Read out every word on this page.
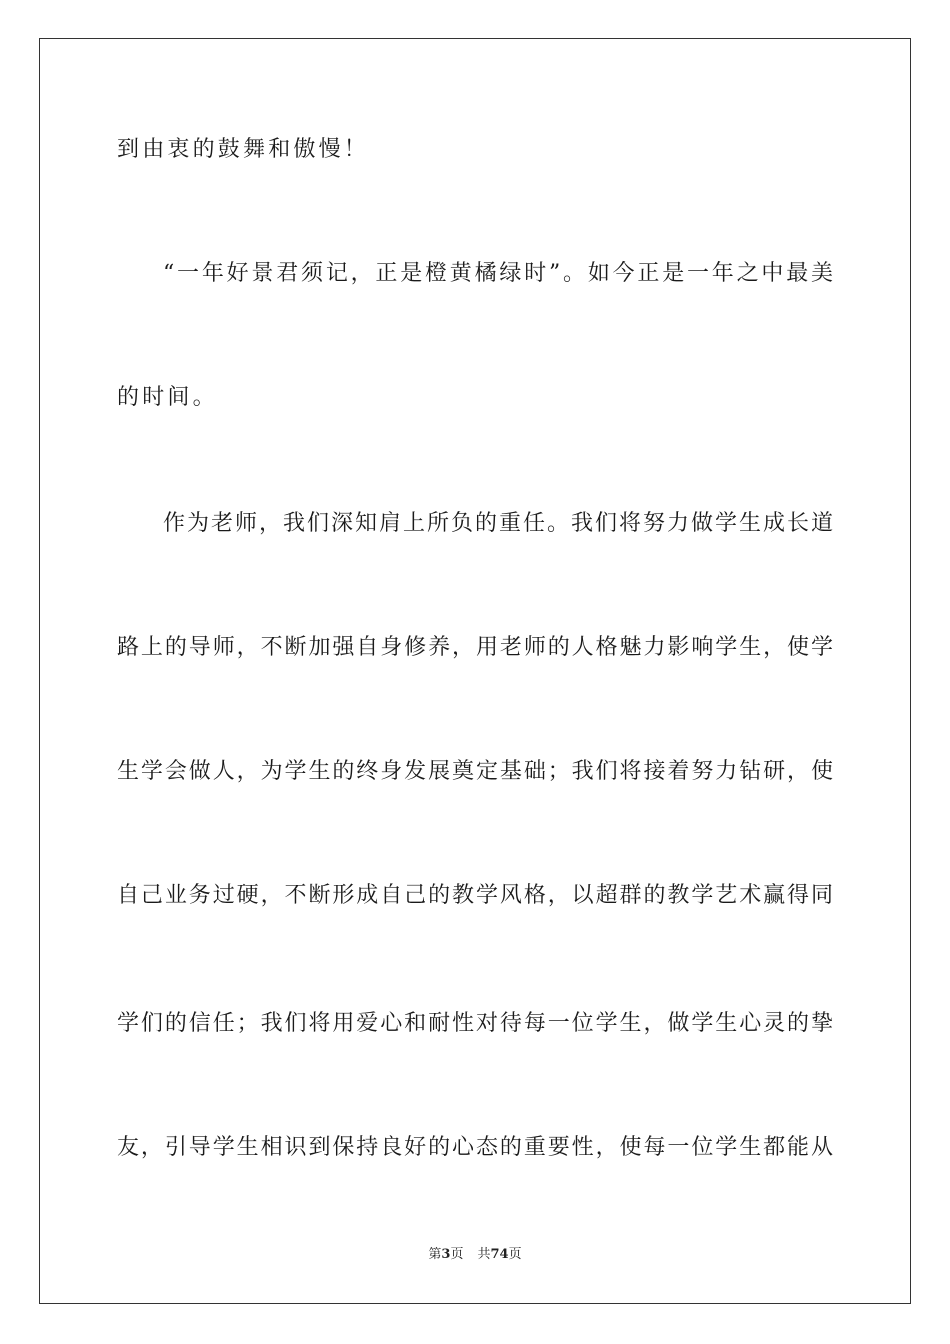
到由衷的鼓舞和傲慢！
“一年好景君须记，正是橙黄橘绿时”。如今正是一年之中最美
的时间。
作为老师，我们深知肩上所负的重任。我们将努力做学生成长道
路上的导师，不断加强自身修养，用老师的人格魅力影响学生，使学
生学会做人，为学生的终身发展奠定基础；我们将接着努力钻研，使
自己业务过硬，不断形成自己的教学风格，以超群的教学艺术赢得同
学们的信任；我们将用爱心和耐性对待每一位学生，做学生心灵的挚
友，引导学生相识到保持良好的心态的重要性，使每一位学生都能从
第3页 共74页
